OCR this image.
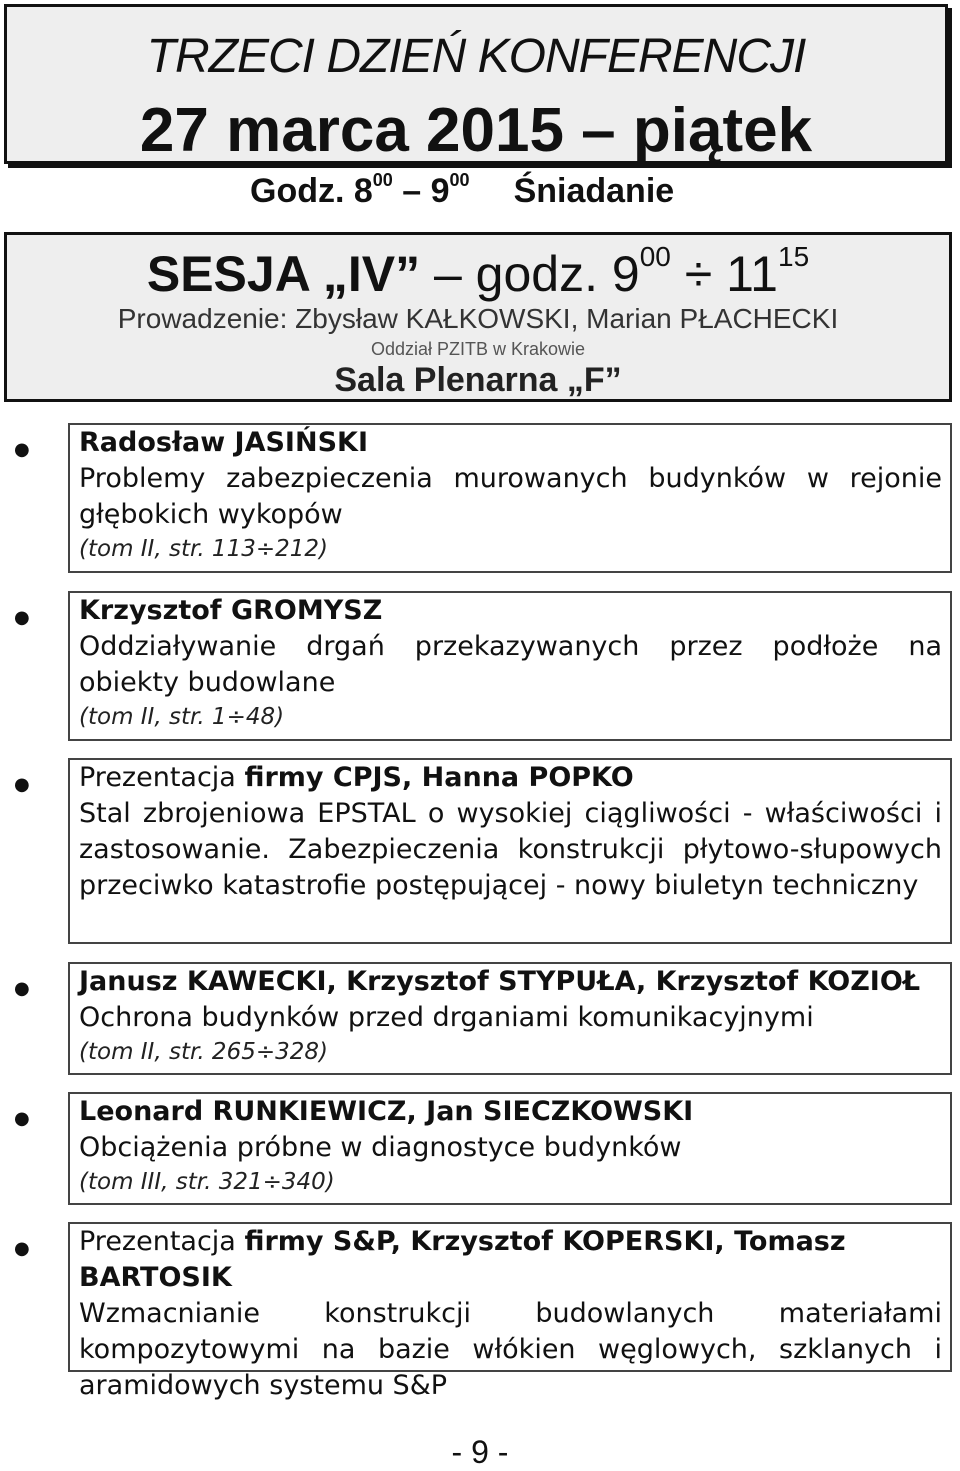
TRZECI DZIEŃ KONFERENCJI
27 marca 2015 – piątek
Godz. $8^{00} - 9^{00}$ Śniadanie
SESJA „IV” – godz. $9^{00} \div 11^{15}$
Prowadzenie: Zbysław KAŁKOWSKI, Marian PŁACHECKI
Oddział PZITB w Krakowie
Sala Plenarna „F”
● Radosław JASIŃSKI
Problemy zabezpieczenia murowanych budynków w rejonie głębokich wykopów
(tom II, str. 113÷212)
● Krzysztof GROMYSZ
Oddziaływanie drgań przekazywanych przez podłoże na obiekty budowlane
(tom II, str. 1÷48)
● Prezentacja firmy CPJS, Hanna POPKO
Stal zbrojeniowa EPSTAL o wysokiej ciągliwości - właściwości i zastosowanie. Zabezpieczenia konstrukcji płytowo-słupowych przeciwko katastrofie postępującej - nowy biuletyn techniczny
● Janusz KAWECKI, Krzysztof STYPUŁA, Krzysztof KOZIOŁ
Ochrona budynków przed drganiami komunikacyjnymi
(tom II, str. 265÷328)
● Leonard RUNKIEWICZ, Jan SIECZKOWSKI
Obciążenia próbne w diagnostyce budynków
(tom III, str. 321÷340)
● Prezentacja firmy S&P, Krzysztof KOPERSKI, Tomasz BARTOSIK
Wzmacnianie konstrukcji budowlanych materiałami kompozytowymi na bazie włókien węglowych, szklanych i aramidowych systemu S&P
- 9 -
